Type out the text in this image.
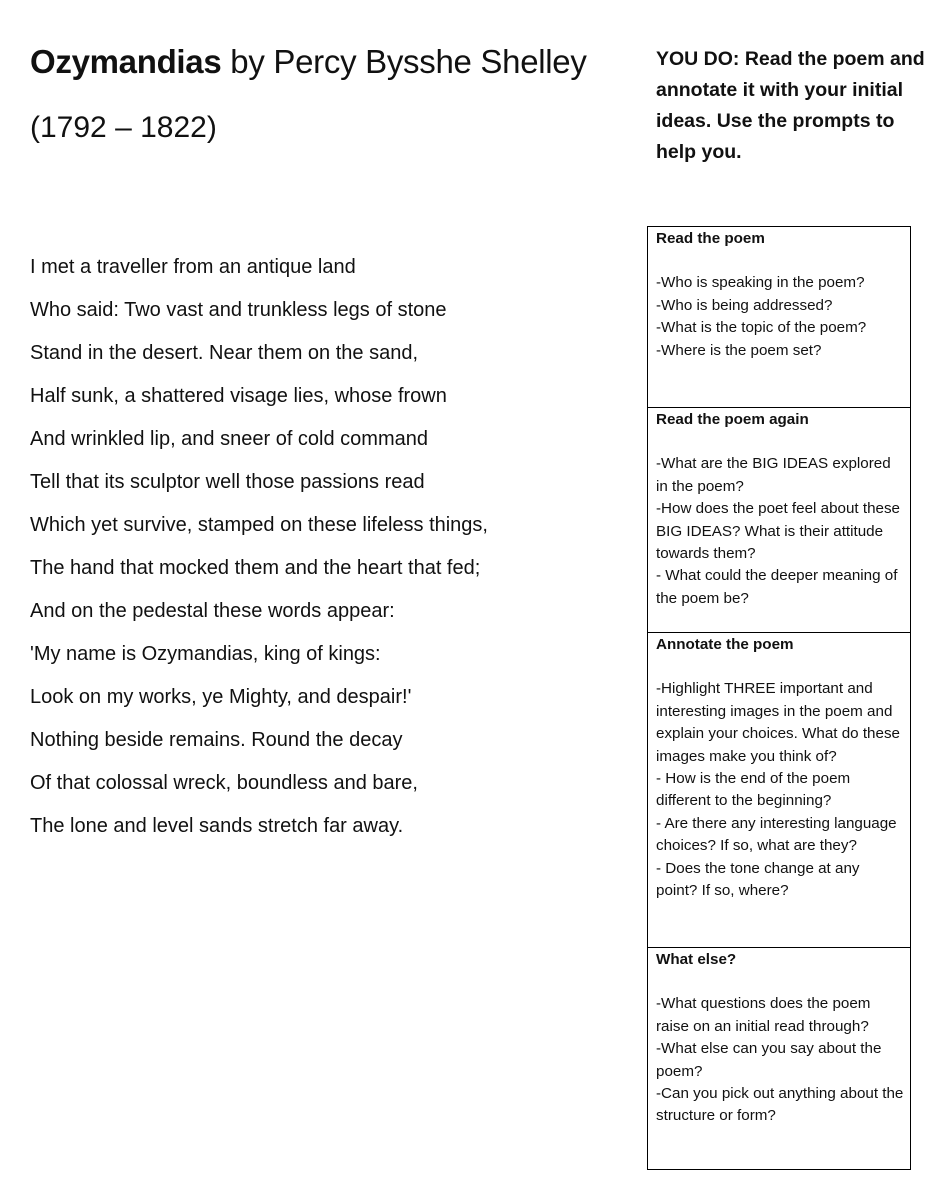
Ozymandias by Percy Bysshe Shelley
(1792 – 1822)

YOU DO: Read the poem and annotate it with your initial ideas. Use the prompts to help you.

I met a traveller from an antique land
Who said: Two vast and trunkless legs of stone
Stand in the desert. Near them on the sand,
Half sunk, a shattered visage lies, whose frown
And wrinkled lip, and sneer of cold command
Tell that its sculptor well those passions read
Which yet survive, stamped on these lifeless things,
The hand that mocked them and the heart that fed;
And on the pedestal these words appear:
'My name is Ozymandias, king of kings:
Look on my works, ye Mighty, and despair!'
Nothing beside remains. Round the decay
Of that colossal wreck, boundless and bare,
The lone and level sands stretch far away.
Read the poem
-Who is speaking in the poem?
-Who is being addressed?
-What is the topic of the poem?
-Where is the poem set?
Read the poem again
-What are the BIG IDEAS explored in the poem?
-How does the poet feel about these BIG IDEAS? What is their attitude towards them?
- What could the deeper meaning of the poem be?
Annotate the poem
-Highlight THREE important and interesting images in the poem and explain your choices. What do these images make you think of?
- How is the end of the poem different to the beginning?
- Are there any interesting language choices? If so, what are they?
- Does the tone change at any point? If so, where?
What else?
-What questions does the poem raise on an initial read through?
-What else can you say about the poem?
-Can you pick out anything about the structure or form?
